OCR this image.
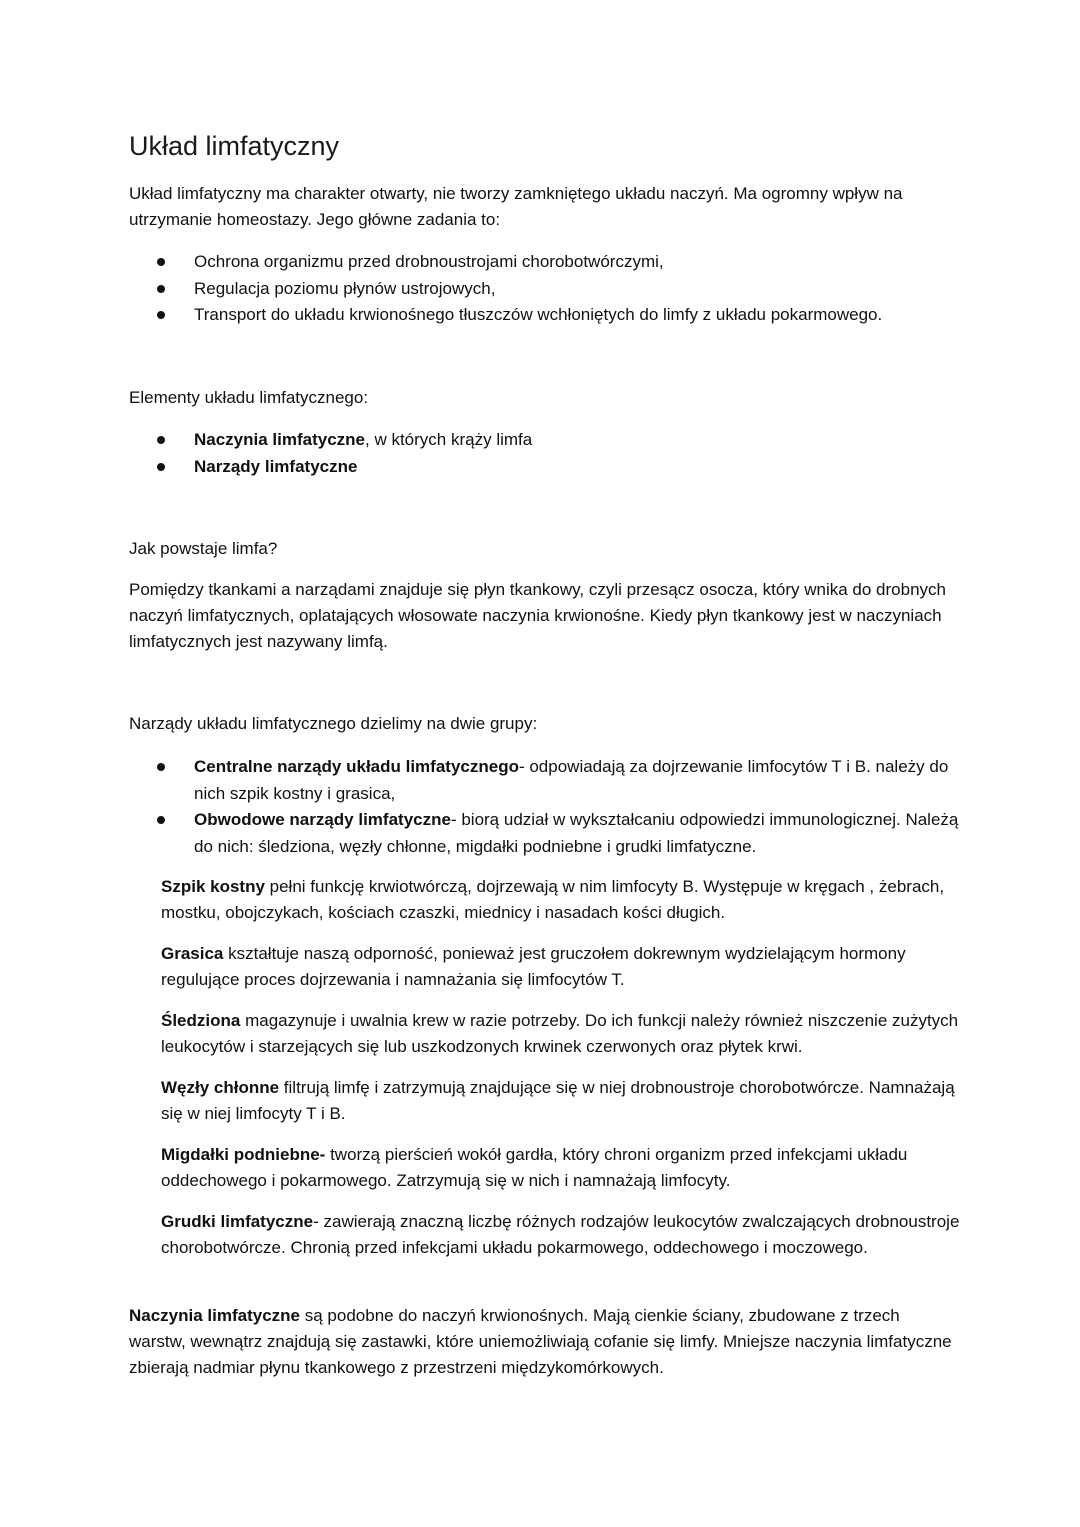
Układ limfatyczny

Układ limfatyczny ma charakter otwarty, nie tworzy zamkniętego układu naczyń. Ma ogromny wpływ na utrzymanie homeostazy. Jego główne zadania to:

Ochrona organizmu przed drobnoustrojami chorobotwórczymi,
Regulacja poziomu płynów ustrojowych,
Transport do układu krwionośnego tłuszczów wchłoniętych do limfy z układu pokarmowego.

Elementy układu limfatycznego:

Naczynia limfatyczne, w których krąży limfa
Narządy limfatyczne

Jak powstaje limfa?

Pomiędzy tkankami a narządami znajduje się płyn tkankowy, czyli przesącz osocza, który wnika do drobnych naczyń limfatycznych, oplatających włosowate naczynia krwionośne. Kiedy płyn tkankowy jest w naczyniach limfatycznych jest nazywany limfą.

Narządy układu limfatycznego dzielimy na dwie grupy:

Centralne narządy układu limfatycznego- odpowiadają za dojrzewanie limfocytów T i B. należy do nich szpik kostny i grasica,
Obwodowe narządy limfatyczne- biorą udział w wykształcaniu odpowiedzi immunologicznej. Należą do nich: śledziona, węzły chłonne, migdałki podniebne i grudki limfatyczne.

Szpik kostny pełni funkcję krwiotwórczą, dojrzewają w nim limfocyty B. Występuje w kręgach , żebrach, mostku, obojczykach, kościach czaszki, miednicy i nasadach kości długich.

Grasica kształtuje naszą odporność, ponieważ jest gruczołem dokrewnym wydzielającym hormony regulujące proces dojrzewania i namnażania się limfocytów T.

Śledziona magazynuje i uwalnia krew w razie potrzeby. Do ich funkcji należy również niszczenie zużytych leukocytów i starzejących się lub uszkodzonych krwinek czerwonych oraz płytek krwi.

Węzły chłonne filtrują limfę i zatrzymują znajdujące się w niej drobnoustroje chorobotwórcze. Namnażają się w niej limfocyty T i B.

Migdałki podniebne- tworzą pierścień wokół gardła, który chroni organizm przed infekcjami układu oddechowego i pokarmowego. Zatrzymują się w nich i namnażają limfocyty.

Grudki limfatyczne- zawierają znaczną liczbę różnych rodzajów leukocytów zwalczających drobnoustroje chorobotwórcze. Chronią przed infekcjami układu pokarmowego, oddechowego i moczowego.

Naczynia limfatyczne są podobne do naczyń krwionośnych. Mają cienkie ściany, zbudowane z trzech warstw, wewnątrz znajdują się zastawki, które uniemożliwiają cofanie się limfy. Mniejsze naczynia limfatyczne zbierają nadmiar płynu tkankowego z przestrzeni międzykomórkowych.
